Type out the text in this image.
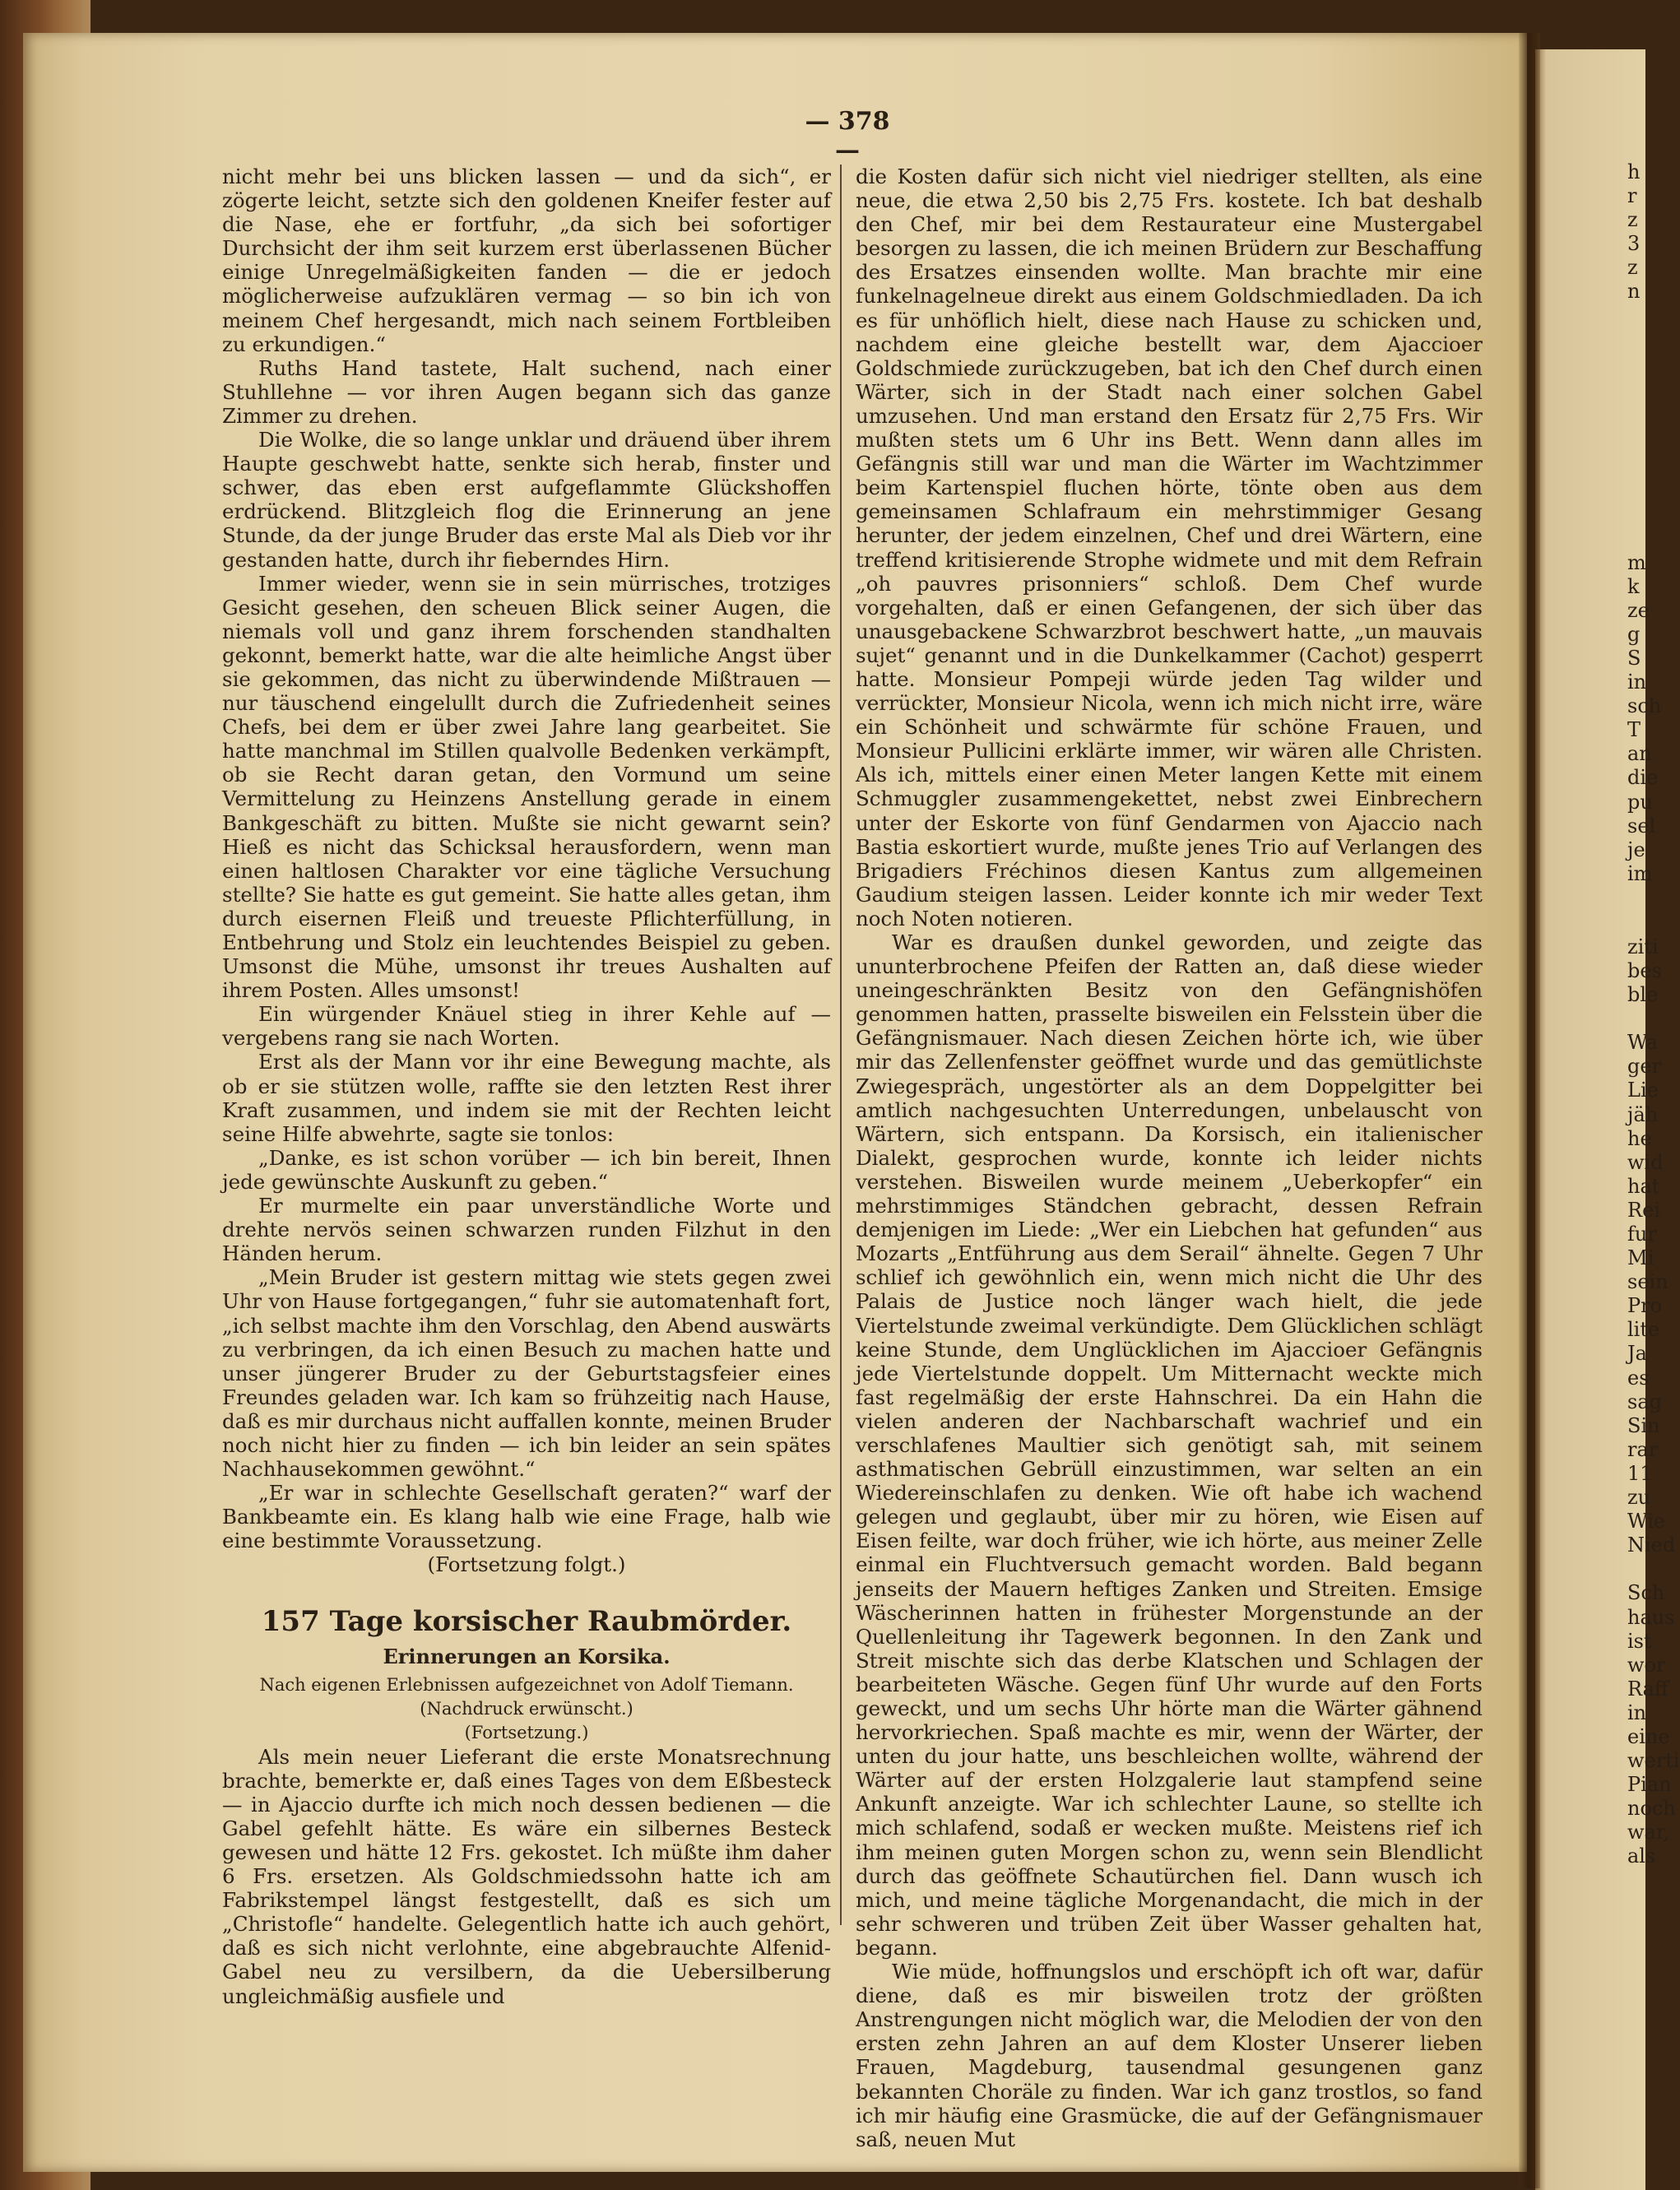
— 378 —

nicht mehr bei uns blicken lassen — und da sich“, er zögerte leicht, setzte sich den goldenen Kneifer fester auf die Nase, ehe er fortfuhr, „da sich bei sofortiger Durchsicht der ihm seit kurzem erst überlassenen Bücher einige Unregelmäßigkeiten fanden — die er jedoch möglicherweise aufzuklären vermag — so bin ich von meinem Chef hergesandt, mich nach seinem Fortbleiben zu erkundigen.“

Ruths Hand tastete, Halt suchend, nach einer Stuhllehne — vor ihren Augen begann sich das ganze Zimmer zu drehen.

Die Wolke, die so lange unklar und dräuend über ihrem Haupte geschwebt hatte, senkte sich herab, finster und schwer, das eben erst aufgeflammte Glückshoffen erdrückend. Blitzgleich flog die Erinnerung an jene Stunde, da der junge Bruder das erste Mal als Dieb vor ihr gestanden hatte, durch ihr fieberndes Hirn.

Immer wieder, wenn sie in sein mürrisches, trotziges Gesicht gesehen, den scheuen Blick seiner Augen, die niemals voll und ganz ihrem forschenden standhalten gekonnt, bemerkt hatte, war die alte heimliche Angst über sie gekommen, das nicht zu überwindende Mißtrauen — nur täuschend eingelullt durch die Zufriedenheit seines Chefs, bei dem er über zwei Jahre lang gearbeitet. Sie hatte manchmal im Stillen qualvolle Bedenken verkämpft, ob sie Recht daran getan, den Vormund um seine Vermittelung zu Heinzens Anstellung gerade in einem Bankgeschäft zu bitten. Mußte sie nicht gewarnt sein? Hieß es nicht das Schicksal herausfordern, wenn man einen haltlosen Charakter vor eine tägliche Versuchung stellte? Sie hatte es gut gemeint. Sie hatte alles getan, ihm durch eisernen Fleiß und treueste Pflichterfüllung, in Entbehrung und Stolz ein leuchtendes Beispiel zu geben. Umsonst die Mühe, umsonst ihr treues Aushalten auf ihrem Posten. Alles umsonst!

Ein würgender Knäuel stieg in ihrer Kehle auf — vergebens rang sie nach Worten.

Erst als der Mann vor ihr eine Bewegung machte, als ob er sie stützen wolle, raffte sie den letzten Rest ihrer Kraft zusammen, und indem sie mit der Rechten leicht seine Hilfe abwehrte, sagte sie tonlos:

„Danke, es ist schon vorüber — ich bin bereit, Ihnen jede gewünschte Auskunft zu geben.“

Er murmelte ein paar unverständliche Worte und drehte nervös seinen schwarzen runden Filzhut in den Händen herum.

„Mein Bruder ist gestern mittag wie stets gegen zwei Uhr von Hause fortgegangen,“ fuhr sie automatenhaft fort, „ich selbst machte ihm den Vorschlag, den Abend auswärts zu verbringen, da ich einen Besuch zu machen hatte und unser jüngerer Bruder zu der Geburtstagsfeier eines Freundes geladen war. Ich kam so frühzeitig nach Hause, daß es mir durchaus nicht auffallen konnte, meinen Bruder noch nicht hier zu finden — ich bin leider an sein spätes Nachhausekommen gewöhnt.“

„Er war in schlechte Gesellschaft geraten?“ warf der Bankbeamte ein. Es klang halb wie eine Frage, halb wie eine bestimmte Voraussetzung.

(Fortsetzung folgt.)

157 Tage korsischer Raubmörder.
Erinnerungen an Korsika.
Nach eigenen Erlebnissen aufgezeichnet von Adolf Tiemann.
(Nachdruck erwünscht.)
(Fortsetzung.)

Als mein neuer Lieferant die erste Monatsrechnung brachte, bemerkte er, daß eines Tages von dem Eßbesteck — in Ajaccio durfte ich mich noch dessen bedienen — die Gabel gefehlt hätte. Es wäre ein silbernes Besteck gewesen und hätte 12 Frs. gekostet. Ich müßte ihm daher 6 Frs. ersetzen. Als Goldschmiedssohn hatte ich am Fabrikstempel längst festgestellt, daß es sich um „Christofle“ handelte. Gelegentlich hatte ich auch gehört, daß es sich nicht verlohnte, eine abgebrauchte Alfenid-Gabel neu zu versilbern, da die Uebersilberung ungleichmäßig ausfiele und

die Kosten dafür sich nicht viel niedriger stellten, als eine neue, die etwa 2,50 bis 2,75 Frs. kostete. Ich bat deshalb den Chef, mir bei dem Restaurateur eine Mustergabel besorgen zu lassen, die ich meinen Brüdern zur Beschaffung des Ersatzes einsenden wollte. Man brachte mir eine funkelnagelneue direkt aus einem Goldschmiedladen. Da ich es für unhöflich hielt, diese nach Hause zu schicken und, nachdem eine gleiche bestellt war, dem Ajaccioer Goldschmiede zurückzugeben, bat ich den Chef durch einen Wärter, sich in der Stadt nach einer solchen Gabel umzusehen. Und man erstand den Ersatz für 2,75 Frs. Wir mußten stets um 6 Uhr ins Bett. Wenn dann alles im Gefängnis still war und man die Wärter im Wachtzimmer beim Kartenspiel fluchen hörte, tönte oben aus dem gemeinsamen Schlafraum ein mehrstimmiger Gesang herunter, der jedem einzelnen, Chef und drei Wärtern, eine treffend kritisierende Strophe widmete und mit dem Refrain „oh pauvres prisonniers“ schloß. Dem Chef wurde vorgehalten, daß er einen Gefangenen, der sich über das unausgebackene Schwarzbrot beschwert hatte, „un mauvais sujet“ genannt und in die Dunkelkammer (Cachot) gesperrt hatte. Monsieur Pompeji würde jeden Tag wilder und verrückter, Monsieur Nicola, wenn ich mich nicht irre, wäre ein Schönheit und schwärmte für schöne Frauen, und Monsieur Pullicini erklärte immer, wir wären alle Christen. Als ich, mittels einer einen Meter langen Kette mit einem Schmuggler zusammengekettet, nebst zwei Einbrechern unter der Eskorte von fünf Gendarmen von Ajaccio nach Bastia eskortiert wurde, mußte jenes Trio auf Verlangen des Brigadiers Fréchinos diesen Kantus zum allgemeinen Gaudium steigen lassen. Leider konnte ich mir weder Text noch Noten notieren.

War es draußen dunkel geworden, und zeigte das ununterbrochene Pfeifen der Ratten an, daß diese wieder uneingeschränkten Besitz von den Gefängnishöfen genommen hatten, prasselte bisweilen ein Felsstein über die Gefängnismauer. Nach diesen Zeichen hörte ich, wie über mir das Zellenfenster geöffnet wurde und das gemütlichste Zwiegespräch, ungestörter als an dem Doppelgitter bei amtlich nachgesuchten Unterredungen, unbelauscht von Wärtern, sich entspann. Da Korsisch, ein italienischer Dialekt, gesprochen wurde, konnte ich leider nichts verstehen. Bisweilen wurde meinem „Ueberkopfer“ ein mehrstimmiges Ständchen gebracht, dessen Refrain demjenigen im Liede: „Wer ein Liebchen hat gefunden“ aus Mozarts „Entführung aus dem Serail“ ähnelte. Gegen 7 Uhr schlief ich gewöhnlich ein, wenn mich nicht die Uhr des Palais de Justice noch länger wach hielt, die jede Viertelstunde zweimal verkündigte. Dem Glücklichen schlägt keine Stunde, dem Unglücklichen im Ajaccioer Gefängnis jede Viertelstunde doppelt. Um Mitternacht weckte mich fast regelmäßig der erste Hahnschrei. Da ein Hahn die vielen anderen der Nachbarschaft wachrief und ein verschlafenes Maultier sich genötigt sah, mit seinem asthmatischen Gebrüll einzustimmen, war selten an ein Wiedereinschlafen zu denken. Wie oft habe ich wachend gelegen und geglaubt, über mir zu hören, wie Eisen auf Eisen feilte, war doch früher, wie ich hörte, aus meiner Zelle einmal ein Fluchtversuch gemacht worden. Bald begann jenseits der Mauern heftiges Zanken und Streiten. Emsige Wäscherinnen hatten in frühester Morgenstunde an der Quellenleitung ihr Tagewerk begonnen. In den Zank und Streit mischte sich das derbe Klatschen und Schlagen der bearbeiteten Wäsche. Gegen fünf Uhr wurde auf den Forts geweckt, und um sechs Uhr hörte man die Wärter gähnend hervorkriechen. Spaß machte es mir, wenn der Wärter, der unten du jour hatte, uns beschleichen wollte, während der Wärter auf der ersten Holzgalerie laut stampfend seine Ankunft anzeigte. War ich schlechter Laune, so stellte ich mich schlafend, sodaß er wecken mußte. Meistens rief ich ihm meinen guten Morgen schon zu, wenn sein Blendlicht durch das geöffnete Schautürchen fiel. Dann wusch ich mich, und meine tägliche Morgenandacht, die mich in der sehr schweren und trüben Zeit über Wasser gehalten hat, begann.

Wie müde, hoffnungslos und erschöpft ich oft war, dafür diene, daß es mir bisweilen trotz der größten Anstrengungen nicht möglich war, die Melodien der von den ersten zehn Jahren an auf dem Kloster Unserer lieben Frauen, Magdeburg, tausendmal gesungenen ganz bekannten Choräle zu finden. War ich ganz trostlos, so fand ich mir häufig eine Grasmücke, die auf der Gefängnismauer saß, neuen Mut

h
r
z
3
z
n
m
k
ze
g
S
in
sch
T
an
die
pu
sel
je
im
ziti
bes
ble

Wa
ger
Lie
jäh
he
wid
hat
Rei
fur
Mi
sein
Pro
lite
Ja
es
sag
Sin
rar
11
zu
Wie
Nied

Sch
haus
ist
wor
Raff
in
eine
werti
Pian
noch
war,
als
